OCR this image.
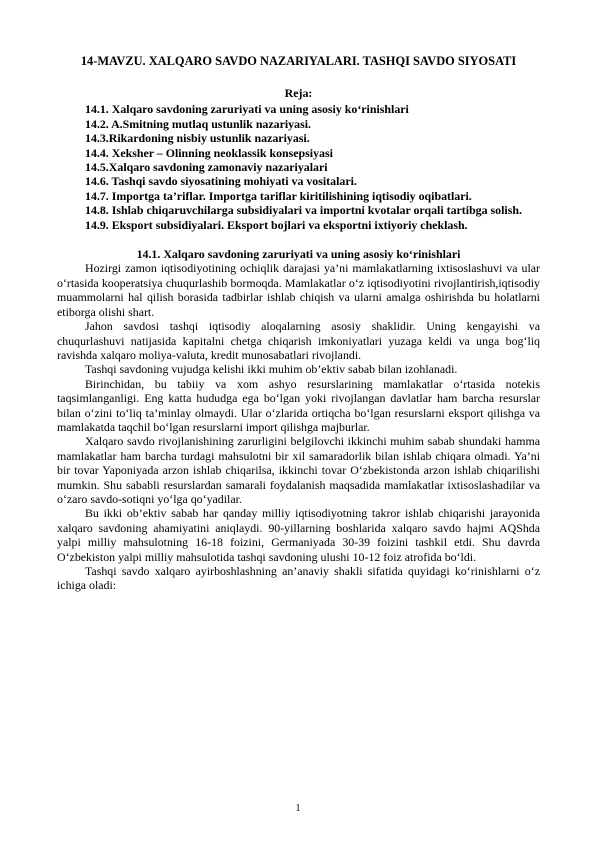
14-MAVZU. XALQARO SAVDO NAZARIYALARI. TASHQI SAVDO SIYOSATI
Reja:
14.1. Xalqaro savdoning zaruriyati va uning asosiy ko‘rinishlari
14.2. A.Smitning mutlaq ustunlik nazariyasi.
14.3.Rikardoning nisbiy ustunlik nazariyasi.
14.4. Xeksher – Olinning neoklassik konsepsiyasi
14.5.Xalqaro savdoning zamonaviy nazariyalari
14.6. Tashqi savdo siyosatining mohiyati va vositalari.
14.7. Importga ta’riflar. Importga tariflar kiritilishining iqtisodiy oqibatlari.
14.8. Ishlab chiqaruvchilarga subsidiyalari va importni kvotalar orqali tartibga solish.
14.9. Eksport subsidiyalari. Eksport bojlari va eksportni ixtiyoriy cheklash.
14.1. Xalqaro savdoning zaruriyati va uning asosiy ko‘rinishlari
Hozirgi zamon iqtisodiyotining ochiqlik darajasi ya’ni mamlakatlarning ixtisoslashuvi va ular o‘rtasida kooperatsiya chuqurlashib bormoqda. Mamlakatlar o‘z iqtisodiyotini rivojlantirish,iqtisodiy muammolarni hal qilish borasida tadbirlar ishlab chiqish va ularni amalga oshirishda bu holatlarni etiborga olishi shart.
Jahon savdosi tashqi iqtisodiy aloqalarning asosiy shaklidir. Uning kengayishi va chuqurlashuvi natijasida kapitalni chetga chiqarish imkoniyatlari yuzaga keldi va unga bog‘liq ravishda xalqaro moliya-valuta, kredit munosabatlari rivojlandi.
Tashqi savdoning vujudga kelishi ikki muhim ob’ektiv sabab bilan izohlanadi.
Birinchidan, bu tabiiy va xom ashyo resurslarining mamlakatlar o‘rtasida notekis taqsimlanganligi. Eng katta hududga ega bo‘lgan yoki rivojlangan davlatlar ham barcha resurslar bilan o‘zini to‘liq ta’minlay olmaydi. Ular o‘zlarida ortiqcha bo‘lgan resurslarni eksport qilishga va mamlakatda taqchil bo‘lgan resurslarni import qilishga majburlar.
Xalqaro savdo rivojlanishining zarurligini belgilovchi ikkinchi muhim sabab shundaki hamma mamlakatlar ham barcha turdagi mahsulotni bir xil samaradorlik bilan ishlab chiqara olmadi. Ya’ni bir tovar Yaponiyada arzon ishlab chiqarilsa, ikkinchi tovar O‘zbekistonda arzon ishlab chiqarilishi mumkin. Shu sababli resurslardan samarali foydalanish maqsadida mamlakatlar ixtisoslashadilar va o‘zaro savdo-sotiqni yo‘lga qo‘yadilar.
Bu ikki ob’ektiv sabab har qanday milliy iqtisodiyotning takror ishlab chiqarishi jarayonida xalqaro savdoning ahamiyatini aniqlaydi. 90-yillarning boshlarida xalqaro savdo hajmi AQShda yalpi milliy mahsulotning 16-18 foizini, Germaniyada 30-39 foizini tashkil etdi. Shu davrda O‘zbekiston yalpi milliy mahsulotida tashqi savdoning ulushi 10-12 foiz atrofida bo‘ldi.
Tashqi savdo xalqaro ayirboshlashning an’anaviy shakli sifatida quyidagi ko‘rinishlarni o‘z ichiga oladi:
1
